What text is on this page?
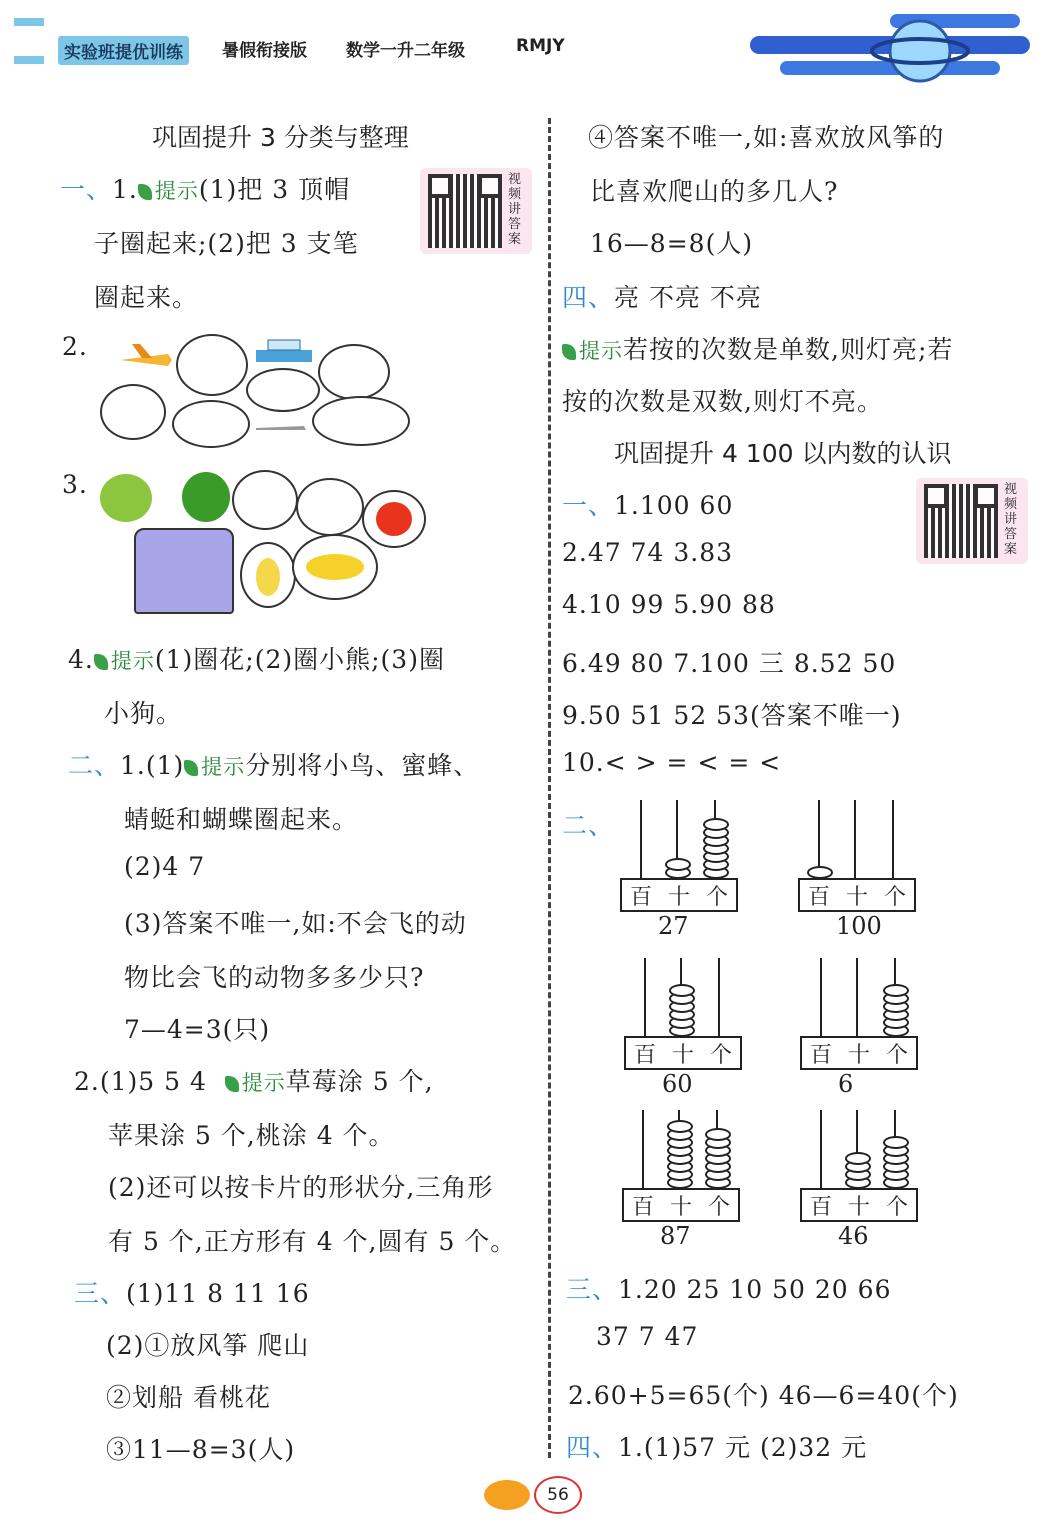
实验班提优训练	暑假衔接版 数学一升二年级	RMJY
巩固提升 3 分类与整理
视频讲答案
一、1. 提示(1)把 3 顶帽
子圈起来;(2)把 3 支笔
圈起来。
2.
3.
4. 提示(1)圈花;(2)圈小熊;(3)圈
小狗。
二、1.(1) 提示分别将小鸟、蜜蜂、
蜻蜓和蝴蝶圈起来。
(2)4 7
(3)答案不唯一,如:不会飞的动
物比会飞的动物多多少只?
7—4=3(只)
2.(1)5 5 4 提示草莓涂 5 个,
苹果涂 5 个,桃涂 4 个。
(2)还可以按卡片的形状分,三角形
有 5 个,正方形有 4 个,圆有 5 个。
三、(1)11 8 11 16
(2)①放风筝 爬山
②划船 看桃花
③11—8=3(人)
④答案不唯一,如:喜欢放风筝的
比喜欢爬山的多几人?
16—8=8(人)
四、亮 不亮 不亮
提示若按的次数是单数,则灯亮;若
按的次数是双数,则灯不亮。
巩固提升 4 100 以内数的认识
视频讲答案
一、1.100 60
2.47 74 3.83
4.10 99 5.90 88
6.49 80 7.100 三 8.52 50
9.50 51 52 53(答案不唯一)
10.< > = < = <
二、
百 十 个
27
百 十 个
100
百 十 个
60
百 十 个
6
百 十 个
87
百 十 个
46
三、1.20 25 10 50 20 66
37 7 47
2.60+5=65(个) 46—6=40(个)
四、1.(1)57 元 (2)32 元
56
